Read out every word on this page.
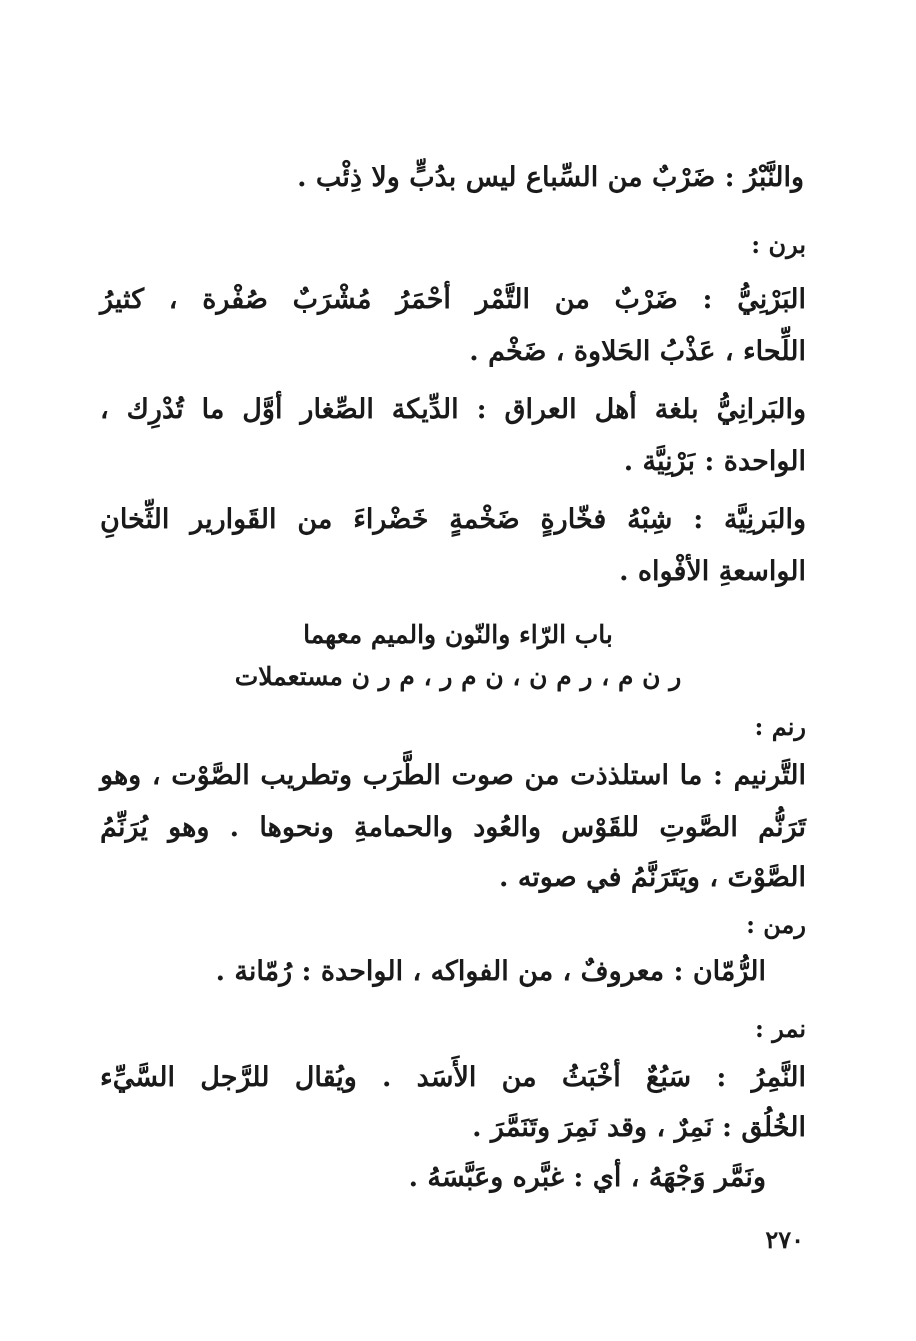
والنَّبْرُ : ضَرْبٌ من السِّباع ليس بدُبٍّ ولا ذِئْب .
برن :
البَرْنِيُّ : ضَرْبٌ من التَّمْر أحْمَرُ مُشْرَبٌ صُفْرة ، كثيرُ
اللِّحاء ، عَذْبُ الحَلاوة ، ضَخْم .
والبَرانِيُّ بلغة أهل العراق : الدِّيكة الصِّغار أوَّل ما تُدْرِك ،
الواحدة : بَرْنِيَّة .
والبَرنِيَّة : شِبْهُ فخّارةٍ ضَخْمةٍ خَضْراءَ من القَوارير الثِّخانِ
الواسعةِ الأفْواه .
باب الرّاء والنّون والميم معهما
ر ن م ، ر م ن ، ن م ر ، م ر ن مستعملات
رنم :
التَّرنيم : ما استلذذت من صوت الطَّرَب وتطريب الصَّوْت ، وهو
تَرَنُّم الصَّوتِ للقَوْس والعُود والحمامةِ ونحوها . وهو يُرَنِّمُ
الصَّوْتَ ، ويَتَرَنَّمُ في صوته .
رمن :
الرُّمّان : معروفٌ ، من الفواكه ، الواحدة : رُمّانة .
نمر :
النَّمِرُ : سَبُعٌ أخْبَثُ من الأَسَد . ويُقال للرَّجل السَّيِّء
الخُلُق : نَمِرٌ ، وقد نَمِرَ وتَنَمَّرَ .
ونَمَّر وَجْهَهُ ، أي : غبَّره وعَبَّسَهُ .
٢٧٠
